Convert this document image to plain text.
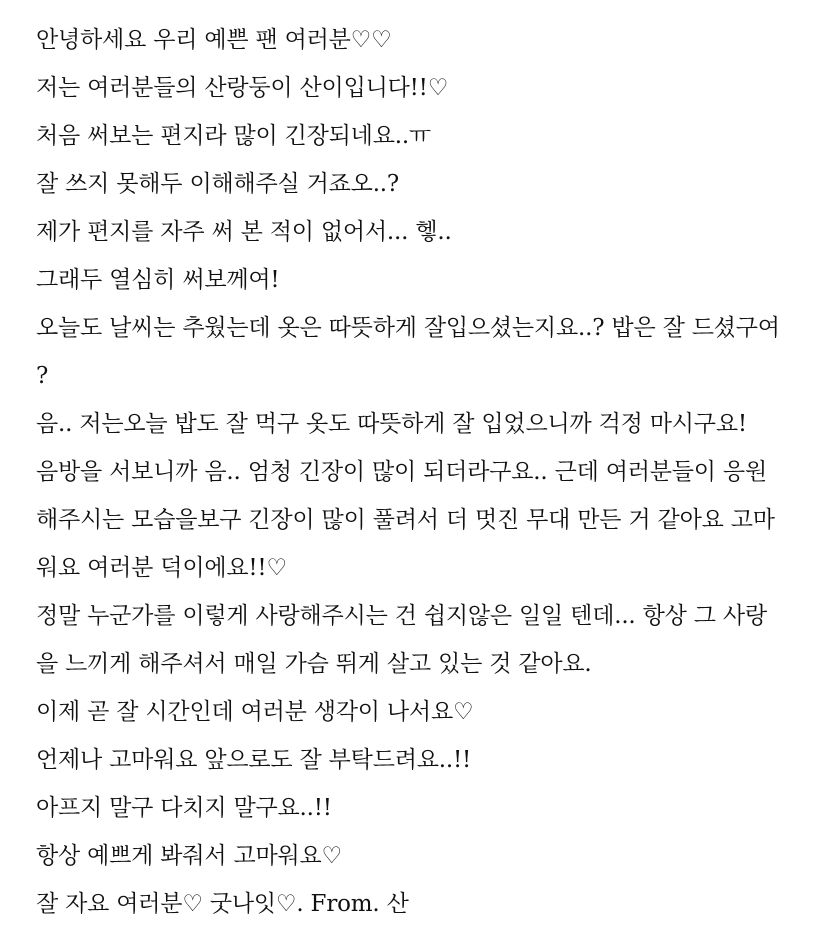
안녕하세요 우리 예쁜 팬 여러분♡♡
저는 여러분들의 산랑둥이 산이입니다!!♡
처음 써보는 편지라 많이 긴장되네요..ㅠ
잘 쓰지 못해두 이해해주실 거죠오..?
제가 편지를 자주 써 본 적이 없어서... 헿..
그래두 열심히 써보께여!
오늘도 날씨는 추웠는데 옷은 따뜻하게 잘입으셨는지요..? 밥은 잘 드셨구여
?
음.. 저는오늘 밥도 잘 먹구 옷도 따뜻하게 잘 입었으니까 걱정 마시구요!
음방을 서보니까 음.. 엄청 긴장이 많이 되더라구요.. 근데 여러분들이 응원
해주시는 모습을보구 긴장이 많이 풀려서 더 멋진 무대 만든 거 같아요 고마
워요 여러분 덕이에요!!♡
정말 누군가를 이렇게 사랑해주시는 건 쉽지않은 일일 텐데... 항상 그 사랑
을 느끼게 해주셔서 매일 가슴 뛰게 살고 있는 것 같아요.
이제 곧 잘 시간인데 여러분 생각이 나서요♡
언제나 고마워요 앞으로도 잘 부탁드려요..!!
아프지 말구 다치지 말구요..!!
항상 예쁘게 봐줘서 고마워요♡
잘 자요 여러분♡ 굿나잇♡. From. 산
